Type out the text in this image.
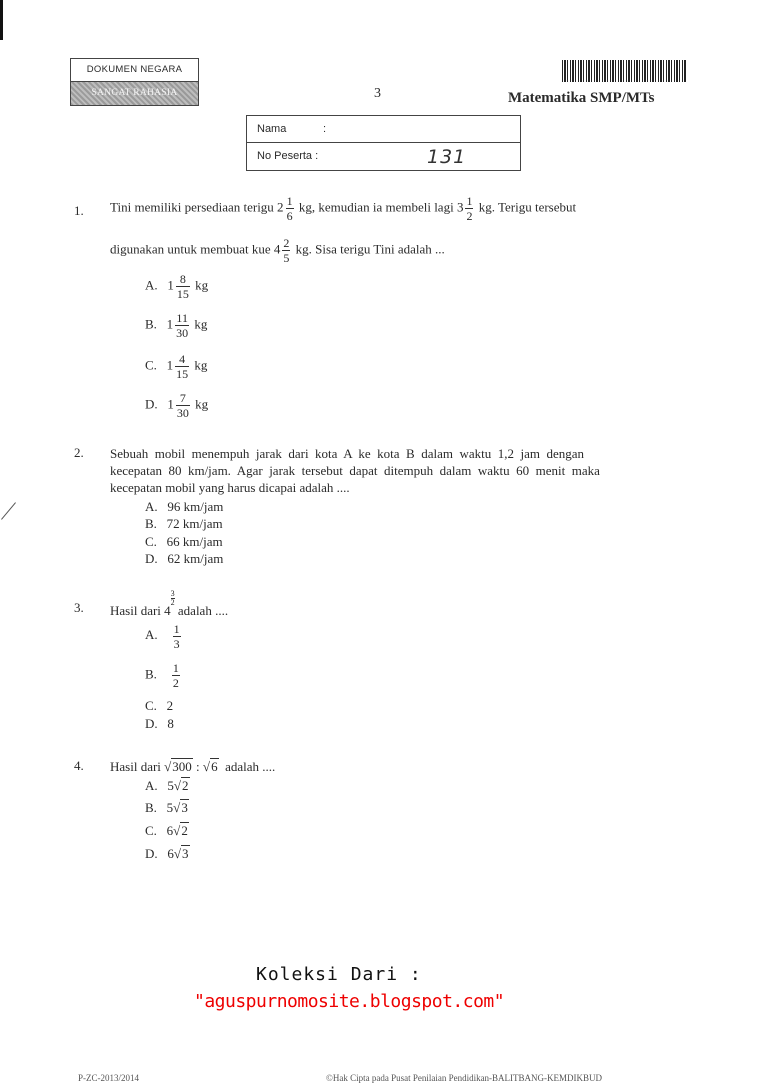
DOKUMEN NEGARA
SANGAT RAHASIA	3	Matematika SMP/MTs
Nama	:
No Peserta :	131
1. Tini memiliki persediaan terigu $2 \frac{1}{6}$ kg, kemudian ia membeli lagi $3 \frac{1}{2}$ kg. Terigu tersebut
digunakan untuk membuat kue $4 \frac{2}{5}$ kg. Sisa terigu Tini adalah ...
A. $1 \frac{8}{15}$ kg
B. $1 \frac{11}{30}$ kg
C. $1 \frac{4}{15}$ kg
D. $1 \frac{7}{30}$ kg
2. Sebuah  mobil  menempuh  jarak  dari  kota  A  ke  kota  B  dalam  waktu  1,2  jam  dengan
kecepatan  80  km/jam.  Agar  jarak  tersebut  dapat  ditempuh  dalam  waktu  60  menit  maka
kecepatan mobil yang harus dicapai adalah ....
A. 96 km/jam
B. 72 km/jam
C. 66 km/jam
D. 62 km/jam
3. Hasil dari 4
$\frac{3}{2}$ adalah ....
A. $\frac{1}{3}$
B. $\frac{1}{2}$
C. 2
D. 8
4. Hasil dari √300 : √6 adalah ....
A. 5√2
B. 5√3
C. 6√2
D. 6√3
Koleksi Dari :
"aguspurnomosite.blogspot.com"
P-ZC-2013/2014	©Hak Cipta pada Pusat Penilaian Pendidikan-BALITBANG-KEMDIKBUD
